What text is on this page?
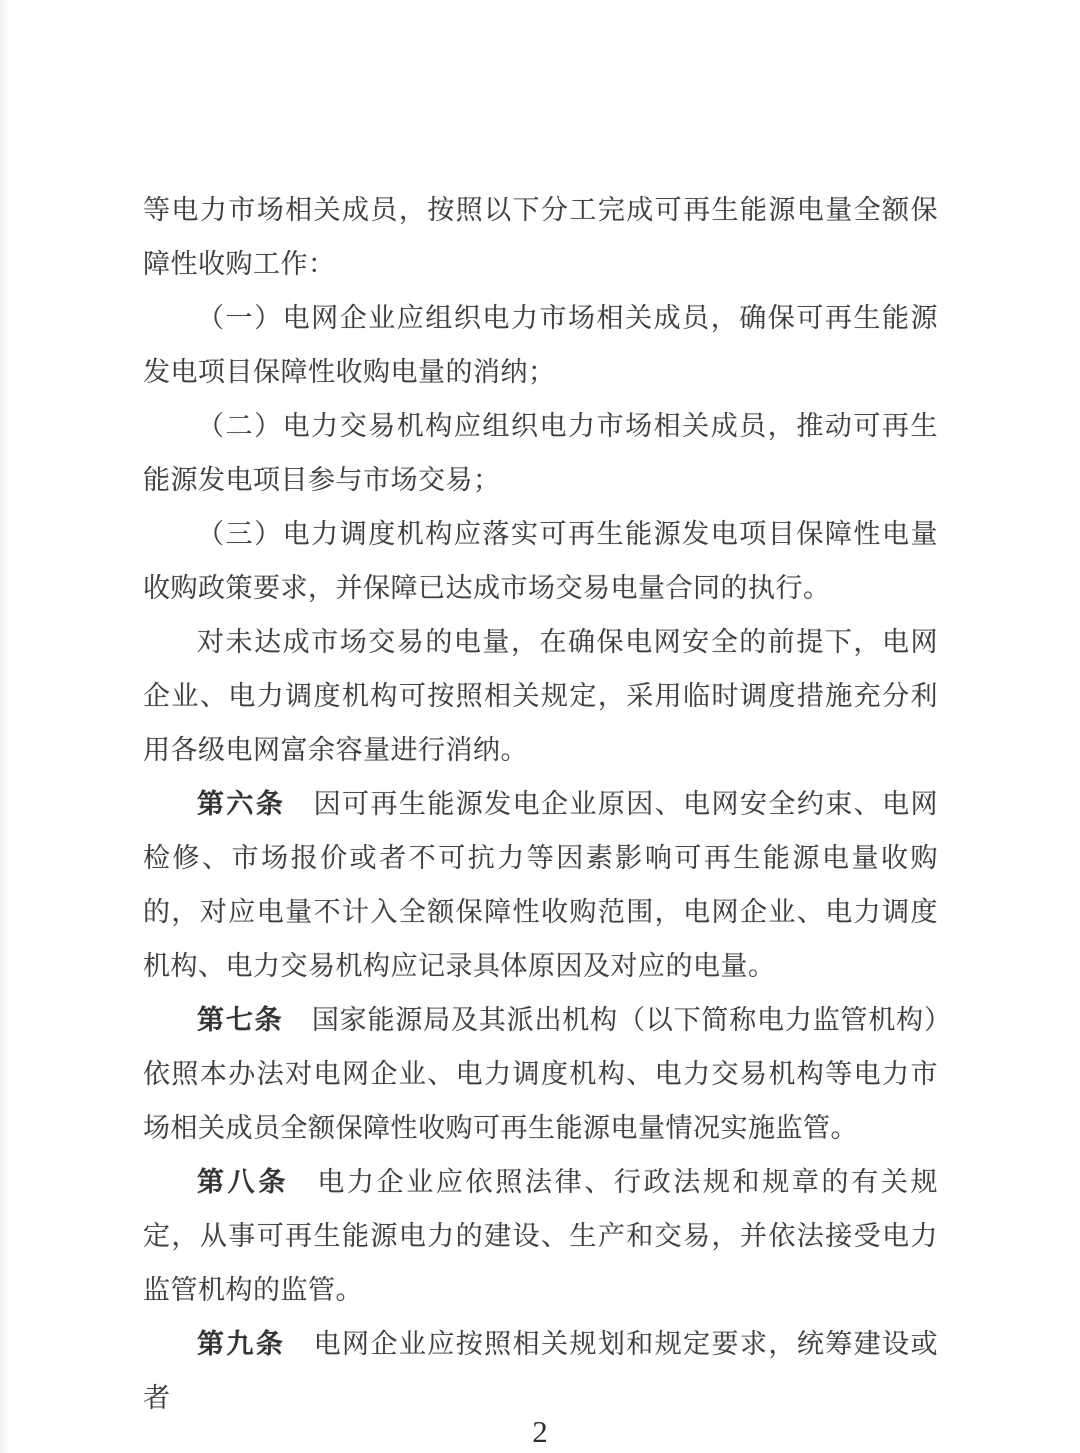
等电力市场相关成员，按照以下分工完成可再生能源电量全额保障性收购工作：

（一）电网企业应组织电力市场相关成员，确保可再生能源发电项目保障性收购电量的消纳；

（二）电力交易机构应组织电力市场相关成员，推动可再生能源发电项目参与市场交易；

（三）电力调度机构应落实可再生能源发电项目保障性电量收购政策要求，并保障已达成市场交易电量合同的执行。

对未达成市场交易的电量，在确保电网安全的前提下，电网企业、电力调度机构可按照相关规定，采用临时调度措施充分利用各级电网富余容量进行消纳。

第六条 因可再生能源发电企业原因、电网安全约束、电网检修、市场报价或者不可抗力等因素影响可再生能源电量收购的，对应电量不计入全额保障性收购范围，电网企业、电力调度机构、电力交易机构应记录具体原因及对应的电量。

第七条 国家能源局及其派出机构（以下简称电力监管机构）依照本办法对电网企业、电力调度机构、电力交易机构等电力市场相关成员全额保障性收购可再生能源电量情况实施监管。

第八条 电力企业应依照法律、行政法规和规章的有关规定，从事可再生能源电力的建设、生产和交易，并依法接受电力监管机构的监管。

第九条 电网企业应按照相关规划和规定要求，统筹建设或者

2
